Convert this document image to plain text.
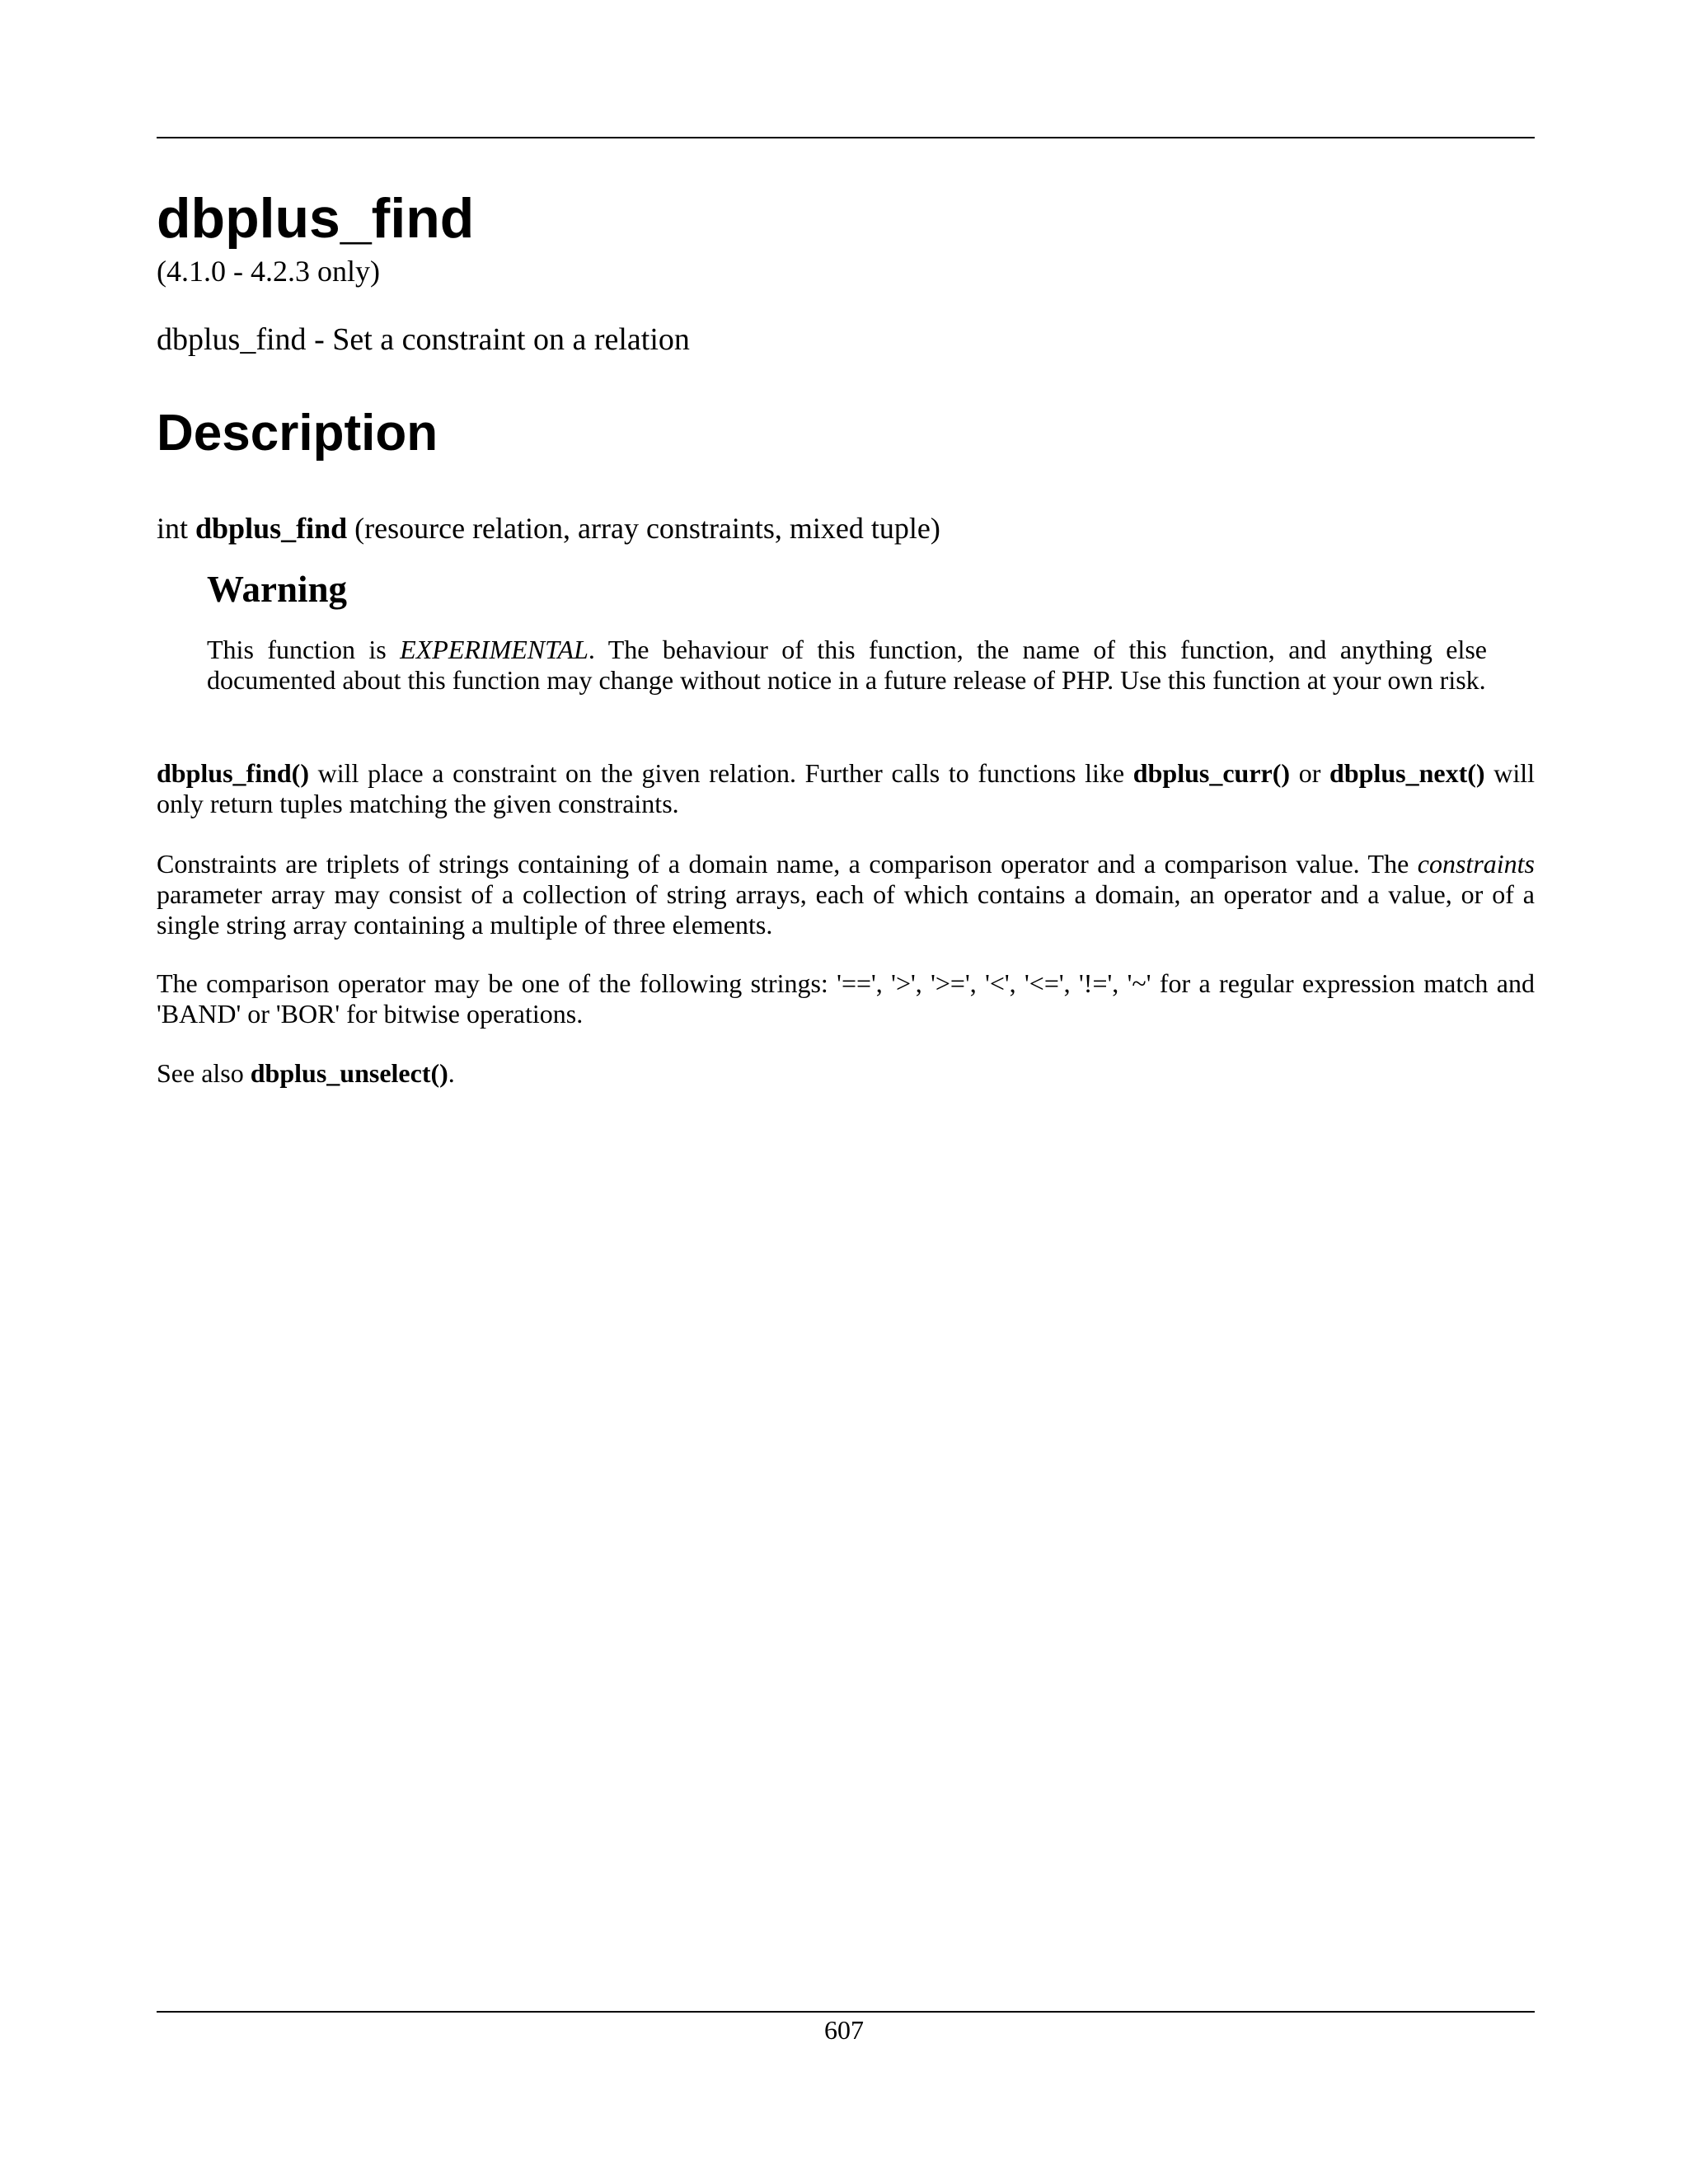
dbplus_find
(4.1.0 - 4.2.3 only)
dbplus_find - Set a constraint on a relation
Description
int dbplus_find (resource relation, array constraints, mixed tuple)
Warning

This function is EXPERIMENTAL. The behaviour of this function, the name of this function, and anything else documented about this function may change without notice in a future release of PHP. Use this function at your own risk.

dbplus_find() will place a constraint on the given relation. Further calls to functions like dbplus_curr() or dbplus_next() will only return tuples matching the given constraints.

Constraints are triplets of strings containing of a domain name, a comparison operator and a comparison value. The constraints parameter array may consist of a collection of string arrays, each of which contains a domain, an operator and a value, or of a single string array containing a multiple of three elements.

The comparison operator may be one of the following strings: '==', '>', '>=', '<', '<=', '!=', '~' for a regular expression match and 'BAND' or 'BOR' for bitwise operations.

See also dbplus_unselect().

607
